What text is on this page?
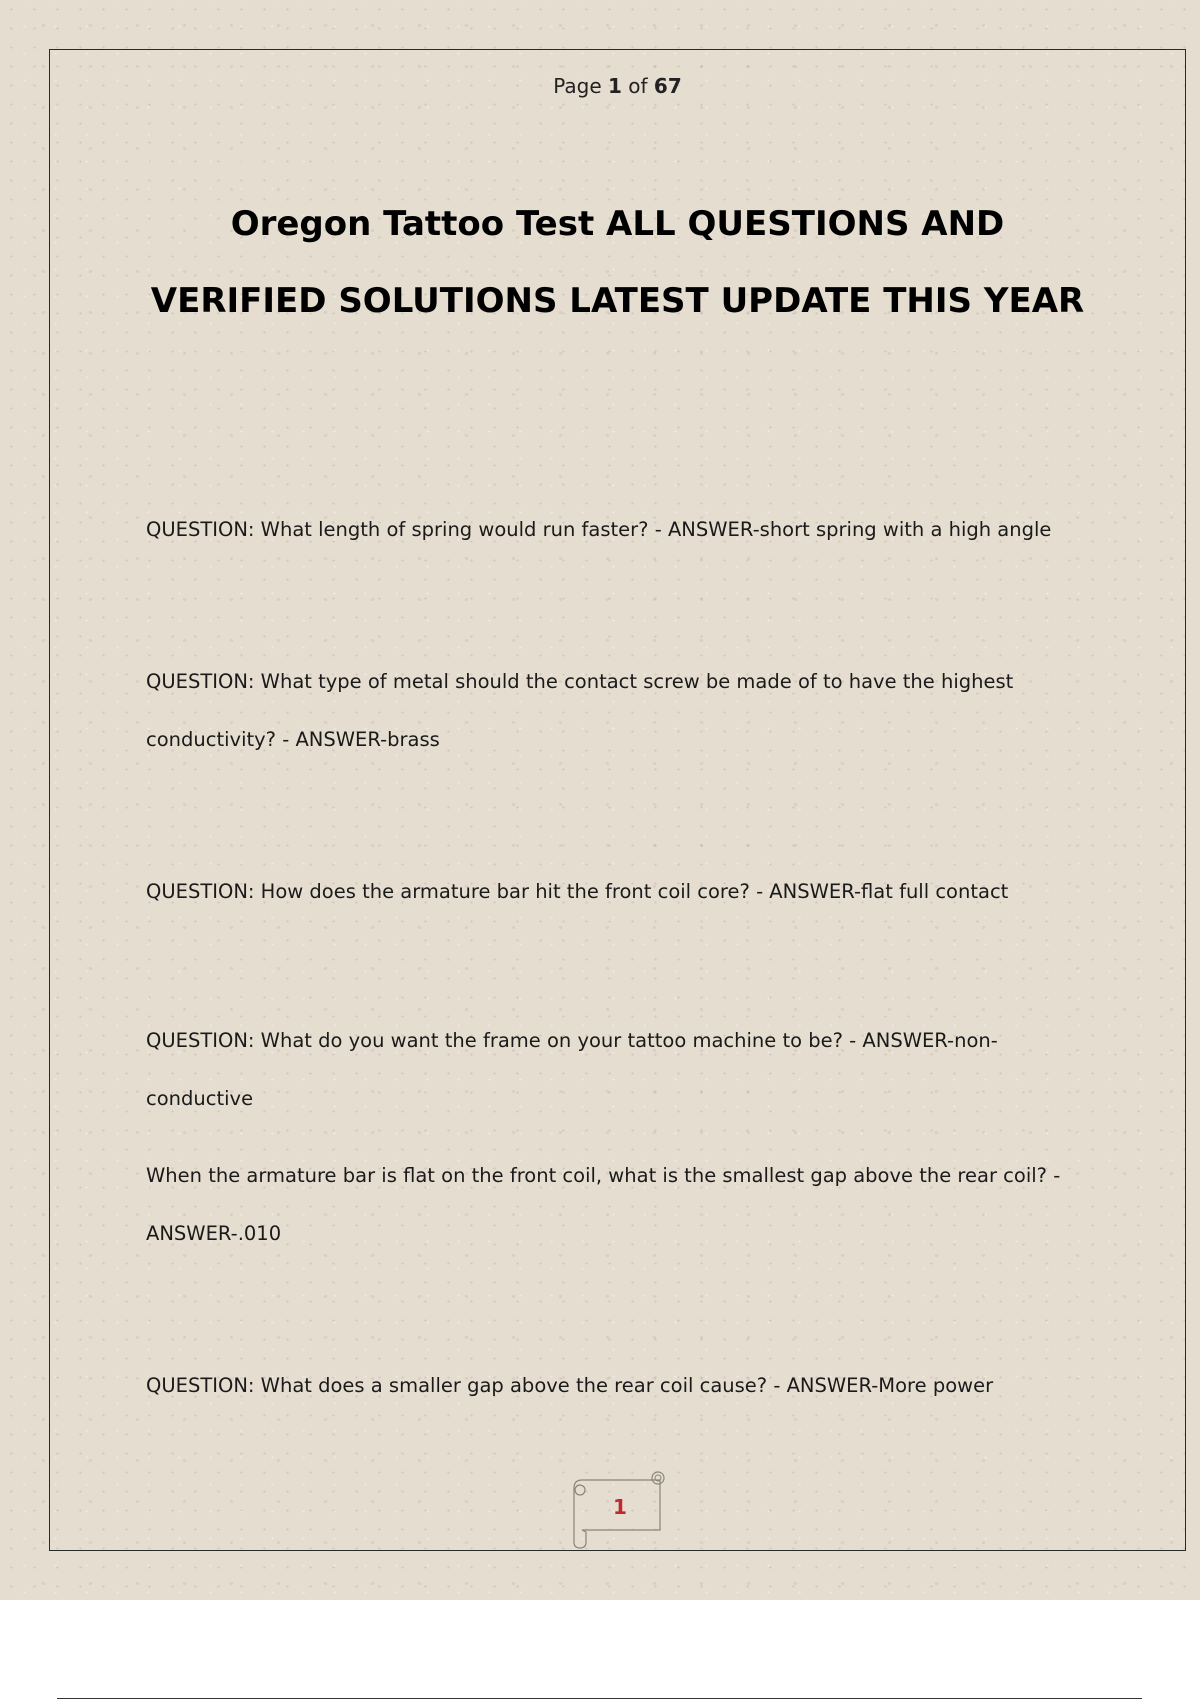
Page 1 of 67
Oregon Tattoo Test ALL QUESTIONS AND VERIFIED SOLUTIONS LATEST UPDATE THIS YEAR

QUESTION: What length of spring would run faster? - ANSWER-short spring with a high angle

QUESTION: What type of metal should the contact screw be made of to have the highest
conductivity? - ANSWER-brass

QUESTION: How does the armature bar hit the front coil core? - ANSWER-flat full contact

QUESTION: What do you want the frame on your tattoo machine to be? - ANSWER-non-
conductive

When the armature bar is flat on the front coil, what is the smallest gap above the rear coil? -
ANSWER-.010

QUESTION: What does a smaller gap above the rear coil cause? - ANSWER-More power

1
